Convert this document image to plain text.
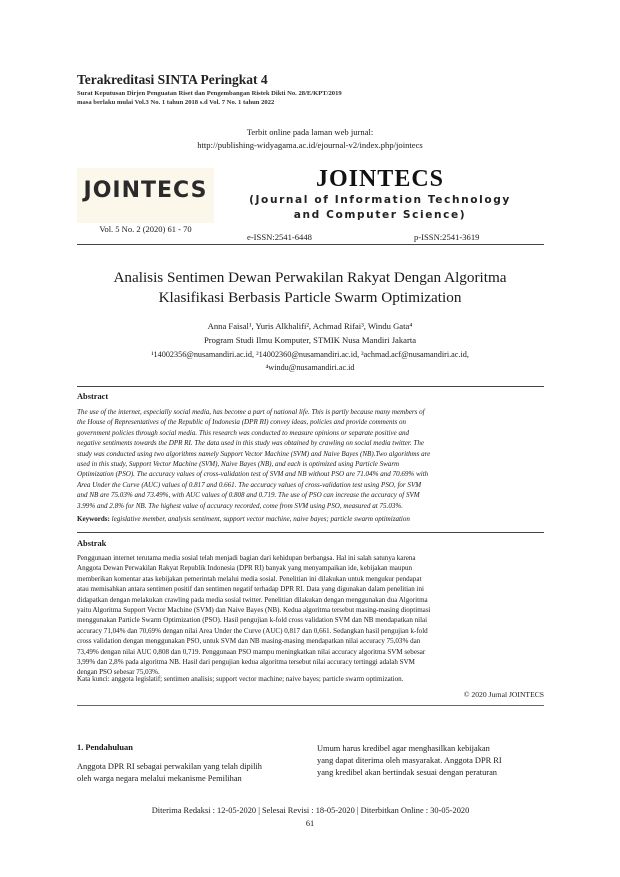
Terakreditasi SINTA Peringkat 4
Surat Keputusan Dirjen Penguatan Riset dan Pengembangan Ristek Dikti No. 28/E/KPT/2019
masa berlaku mulai Vol.3 No. 1 tahun 2018 s.d Vol. 7 No. 1 tahun 2022
Terbit online pada laman web jurnal:
http://publishing-widyagama.ac.id/ejournal-v2/index.php/jointecs
JOINTECS
Vol. 5 No. 2 (2020) 61 - 70
JOINTECS
(Journal of Information Technology
and Computer Science)
e-ISSN:2541-6448	p-ISSN:2541-3619
Analisis Sentimen Dewan Perwakilan Rakyat Dengan Algoritma
Klasifikasi Berbasis Particle Swarm Optimization
Anna Faisal¹, Yuris Alkhalifi², Achmad Rifai³, Windu Gata⁴
Program Studi Ilmu Komputer, STMIK Nusa Mandiri Jakarta
¹14002356@nusamandiri.ac.id, ²14002360@nusamandiri.ac.id, ³achmad.acf@nusamandiri.ac.id,
⁴windu@nusamandiri.ac.id
Abstract
The use of the internet, especially social media, has become a part of national life. This is partly because many members of
the House of Representatives of the Republic of Indonesia (DPR RI) convey ideas, policies and provide comments on
government policies through social media. This research was conducted to measure opinions or separate positive and
negative sentiments towards the DPR RI. The data used in this study was obtained by crawling on social media twitter. The
study was conducted using two algorithms namely Support Vector Machine (SVM) and Naive Bayes (NB).Two algorithms are
used in this study, Support Vector Machine (SVM), Naive Bayes (NB), and each is optimized using Particle Swarm
Optimization (PSO). The accuracy values of cross-validation test of SVM and NB without PSO are 71.04% and 70.69% with
Area Under the Curve (AUC) values of 0.817 and 0.661. The accuracy values of cross-validation test using PSO, for SVM
and NB are 75.03% and 73.49%, with AUC values of 0.808 and 0.719. The use of PSO can increase the accuracy of SVM
3.99% and 2.8% for NB. The highest value of accuracy recorded, come from SVM using PSO, measured at 75.03%.
Keywords: legislative member, analysis sentiment, support vector machine, naive bayes; particle swarm optimization
Abstrak
Penggunaan internet terutama media sosial telah menjadi bagian dari kehidupan berbangsa. Hal ini salah satunya karena
Anggota Dewan Perwakilan Rakyat Republik Indonesia (DPR RI) banyak yang menyampaikan ide, kebijakan maupun
memberikan komentar atas kebijakan pemerintah melalui media sosial. Penelitian ini dilakukan untuk mengukur pendapat
atau memisahkan antara sentimen positif dan sentimen negatif terhadap DPR RI. Data yang digunakan dalam penelitian ini
didapatkan dengan melakukan crawling pada media sosial twitter. Penelitian dilakukan dengan menggunakan dua Algoritma
yaitu Algoritma Support Vector Machine (SVM) dan Naive Bayes (NB). Kedua algoritma tersebut masing-masing dioptimasi
menggunakan Particle Swarm Optimization (PSO). Hasil pengujian k-fold cross validation SVM dan NB mendapatkan nilai
accuracy 71,04% dan 70,69% dengan nilai Area Under the Curve (AUC) 0,817 dan 0,661. Sedangkan hasil pengujian k-fold
cross validation dengan menggunakan PSO, untuk SVM dan NB masing-masing mendapatkan nilai accuracy 75,03% dan
73,49% dengan nilai AUC 0,808 dan 0,719. Penggunaan PSO mampu meningkatkan nilai accuracy algoritma SVM sebesar
3,99% dan 2,8% pada algoritma NB. Hasil dari pengujian kedua algoritma tersebut nilai accuracy tertinggi adalah SVM
dengan PSO sebesar 75,03%.
Kata kunci: anggota legislatif; sentimen analisis; support vector machine; naive bayes; particle swarm optimization.
© 2020 Jurnal JOINTECS
1. Pendahuluan
Anggota DPR RI sebagai perwakilan yang telah dipilih
oleh warga negara melalui mekanisme Pemilihan
Umum harus kredibel agar menghasilkan kebijakan
yang dapat diterima oleh masyarakat. Anggota DPR RI
yang kredibel akan bertindak sesuai dengan peraturan
Diterima Redaksi : 12-05-2020 | Selesai Revisi : 18-05-2020 | Diterbitkan Online : 30-05-2020
61
